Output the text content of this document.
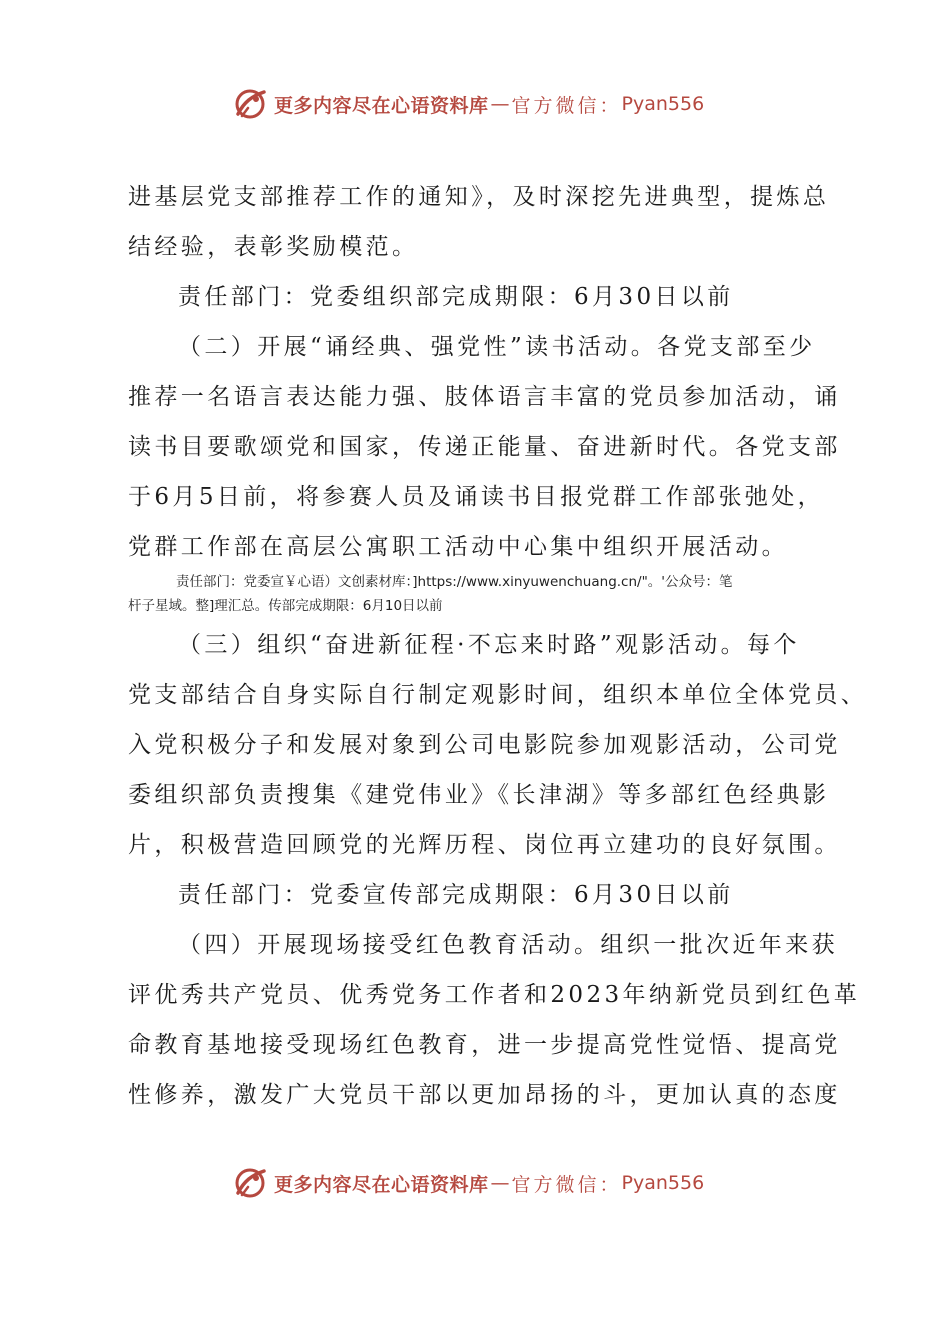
更多内容尽在心语资料库 — 官方微信： Pyan556
进基层党支部推荐工作的通知》，及时深挖先进典型，提炼总
结经验，表彰奖励模范。
责任部门：党委组织部完成期限：6月30日以前
（二）开展“诵经典、强党性”读书活动。各党支部至少
推荐一名语言表达能力强、肢体语言丰富的党员参加活动，诵
读书目要歌颂党和国家，传递正能量、奋进新时代。各党支部
于6月5日前，将参赛人员及诵读书目报党群工作部张弛处，
党群工作部在高层公寓职工活动中心集中组织开展活动。
责任部门：党委宣￥心语）文创素材库：]https://www.xinyuwenchuang.cn/"。'公众号：笔
杆子星域。整]理汇总。传部完成期限：6月10日以前
（三）组织“奋进新征程·不忘来时路”观影活动。每个
党支部结合自身实际自行制定观影时间，组织本单位全体党员、
入党积极分子和发展对象到公司电影院参加观影活动，公司党
委组织部负责搜集《建党伟业》《长津湖》等多部红色经典影
片，积极营造回顾党的光辉历程、岗位再立建功的良好氛围。
责任部门：党委宣传部完成期限：6月30日以前
（四）开展现场接受红色教育活动。组织一批次近年来获
评优秀共产党员、优秀党务工作者和2023年纳新党员到红色革
命教育基地接受现场红色教育，进一步提高党性觉悟、提高党
性修养，激发广大党员干部以更加昂扬的斗，更加认真的态度
更多内容尽在心语资料库 — 官方微信： Pyan556
